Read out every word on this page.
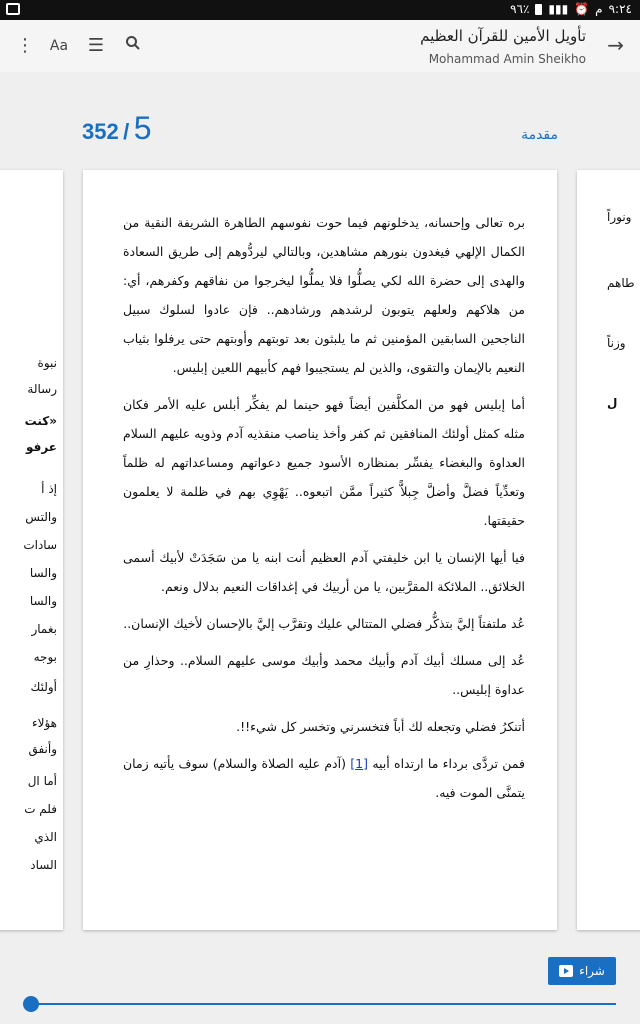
٩٦٪ ▮▮▮ ⏰ م ٩:٢٤
⋮ Aa ☰	تأويل الأمين للقرآن العظيم
Mohammad Amin Sheikho
→
352 / 5	مقدمة
نبوة
رسالة
«كنت
عرفو
إذ أ
والتس
سادات
والسا
والسا
بغمار
بوجه
أولئك
هؤلاء
وأنفق
أما ال
فلم ت
الذي
الساد

بره تعالى وإحسانه، يدخلونهم فيما حوت نفوسهم الطاهرة الشريفة النقية من الكمال الإلهي فيغدون بنورهم مشاهدين، وبالتالي ليردُّوهم إلى طريق السعادة والهدى إلى حضرة الله لكي يصلُّوا فلا يملُّوا ليخرجوا من نفاقهم وكفرهم، أي: من هلاكهم ولعلهم يتوبون لرشدهم ورشادهم.. فإن عادوا لسلوك سبيل الناجحين السابقين المؤمنين ثم ما يلبثون بعد توبتهم وأوبتهم حتى يرفلوا بثياب النعيم بالإيمان والتقوى، والذين لم يستجيبوا فهم كأبيهم اللعين إبليس.

أما إبليس فهو من المكلَّفين أيضاً فهو حينما لم يفكِّر أبلس عليه الأمر فكان مثله كمثل أولئك المنافقين ثم كفر وأخذ يناصب منقذيه آدم وذويه عليهم السلام العداوة والبغضاء يفسِّر بمنظاره الأسود جميع دعواتهم ومساعداتهم له ظلماً وتعدِّياً فضلَّ وأضلَّ جِبلاًّ كثيراً ممَّن اتبعوه.. يَهْوِي بهم في ظلمة لا يعلمون حقيقتها.

فيا أيها الإنسان يا ابن خليفتي آدم العظيم أنت ابنه يا من سَجَدَتْ لأبيك أسمى الخلائق.. الملائكة المقرَّبين، يا من أربيك في إغداقات النعيم بدلال ونعم.

عُد ملتفتاً إليَّ بتذكُّر فضلي المتتالي عليك وتقرَّب إليَّ بالإحسان لأخيك الإنسان..

عُد إلى مسلك أبيك آدم وأبيك محمد وأبيك موسى عليهم السلام.. وحذارِ من عداوة إبليس..

أتنكرُ فضلي وتجعله لك أباً فتخسرني وتخسر كل شيء!!.

فمن تردَّى برداء ما ارتداه أبيه [1] (آدم عليه الصلاة والسلام) سوف يأتيه زمان يتمنَّى الموت فيه.

ونوراً
طاهم
وزناً
ل
شراء
